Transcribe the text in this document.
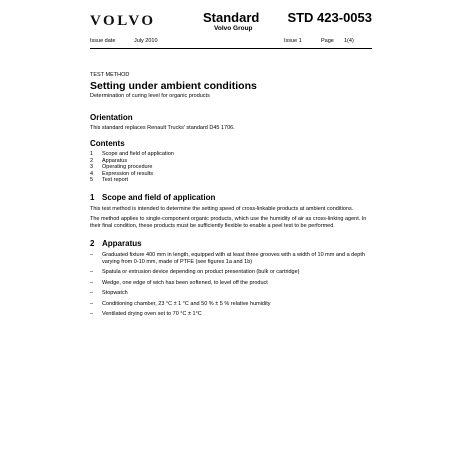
VOLVO	Standard
Volvo Group
STD 423-0053
Issue date	July 2010	Issue 1	Page 1(4)
TEST METHOD
Setting under ambient conditions
Determination of curing level for organic products
Orientation

This standard replaces Renault Trucks' standard D45 1706.

Contents
1	Scope and field of application
2	Apparatus
3	Operating procedure
4	Expression of results
5	Test report
1 Scope and field of application

This test method is intended to determine the setting speed of cross-linkable products at ambient conditions.

The method applies to single-component organic products, which use the humidity of air as cross-linking agent. In their final condition, these products must be sufficiently flexible to enable a peel test to be performed.

2 Apparatus
–	Graduated fixture 400 mm in length, equipped with at least three grooves with a width of 10 mm and a depth varying from 0-10 mm, made of PTFE (see figures 1a and 1b)
–	Spatula or extrusion device depending on product presentation (bulk or cartridge)
–	Wedge, one edge of wich has been softened, to level off the product
–	Stopwatch
–	Conditioning chamber, 23 °C ± 1 °C and 50 % ± 5 % relative humidity
–	Ventilated drying oven set to 70 °C ± 1°C
